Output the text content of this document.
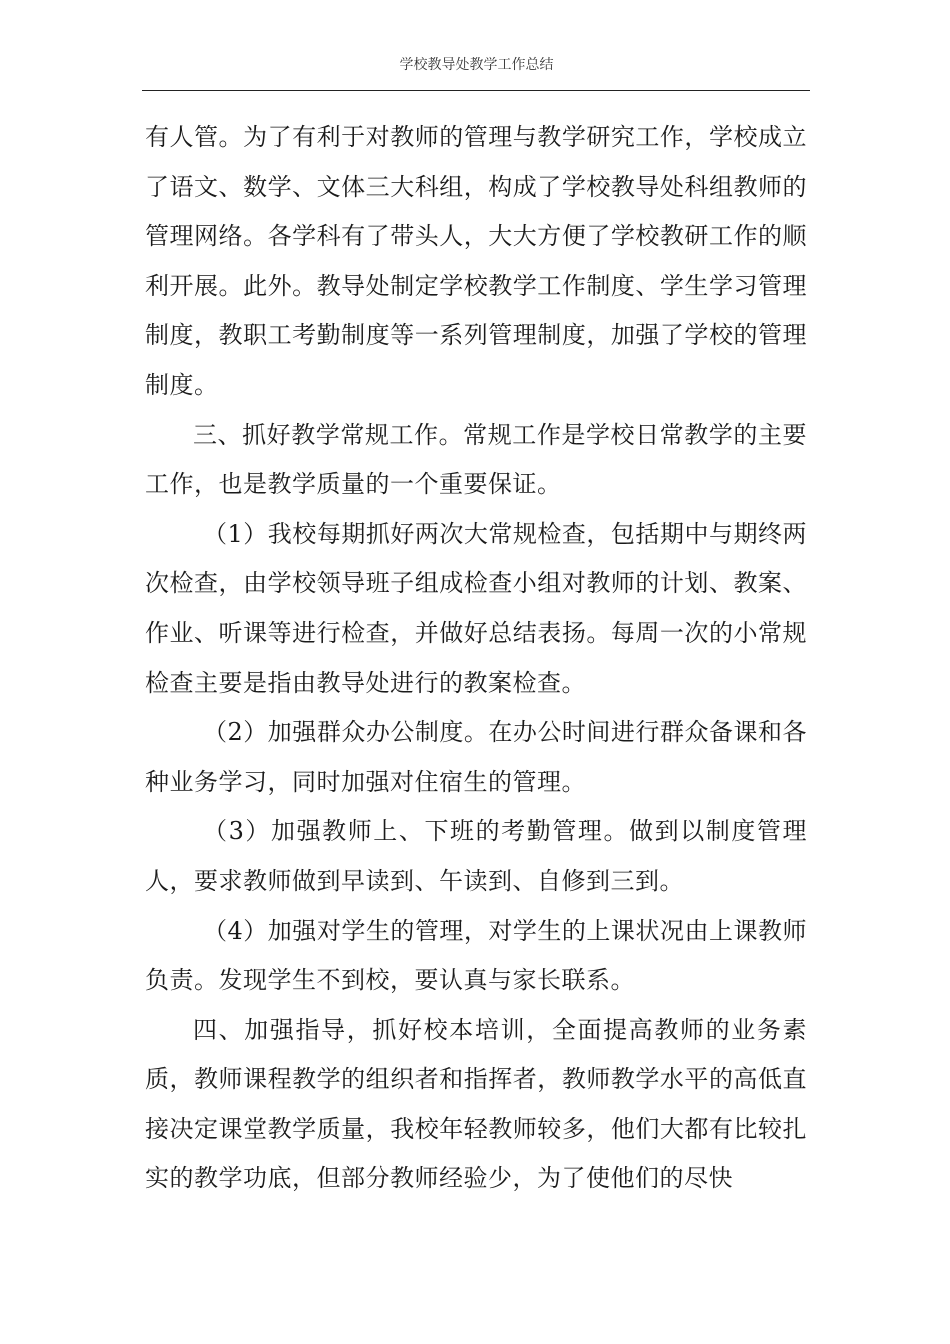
学校教导处教学工作总结

有人管。为了有利于对教师的管理与教学研究工作，学校成立了语文、数学、文体三大科组，构成了学校教导处科组教师的管理网络。各学科有了带头人，大大方便了学校教研工作的顺利开展。此外。教导处制定学校教学工作制度、学生学习管理制度，教职工考勤制度等一系列管理制度，加强了学校的管理制度。

三、抓好教学常规工作。常规工作是学校日常教学的主要工作，也是教学质量的一个重要保证。

（1）我校每期抓好两次大常规检查，包括期中与期终两次检查，由学校领导班子组成检查小组对教师的计划、教案、作业、听课等进行检查，并做好总结表扬。每周一次的小常规检查主要是指由教导处进行的教案检查。

（2）加强群众办公制度。在办公时间进行群众备课和各种业务学习，同时加强对住宿生的管理。

（3）加强教师上、下班的考勤管理。做到以制度管理人，要求教师做到早读到、午读到、自修到三到。

（4）加强对学生的管理，对学生的上课状况由上课教师负责。发现学生不到校，要认真与家长联系。

四、加强指导，抓好校本培训，全面提高教师的业务素质，教师课程教学的组织者和指挥者，教师教学水平的高低直接决定课堂教学质量，我校年轻教师较多，他们大都有比较扎实的教学功底，但部分教师经验少，为了使他们的尽快
